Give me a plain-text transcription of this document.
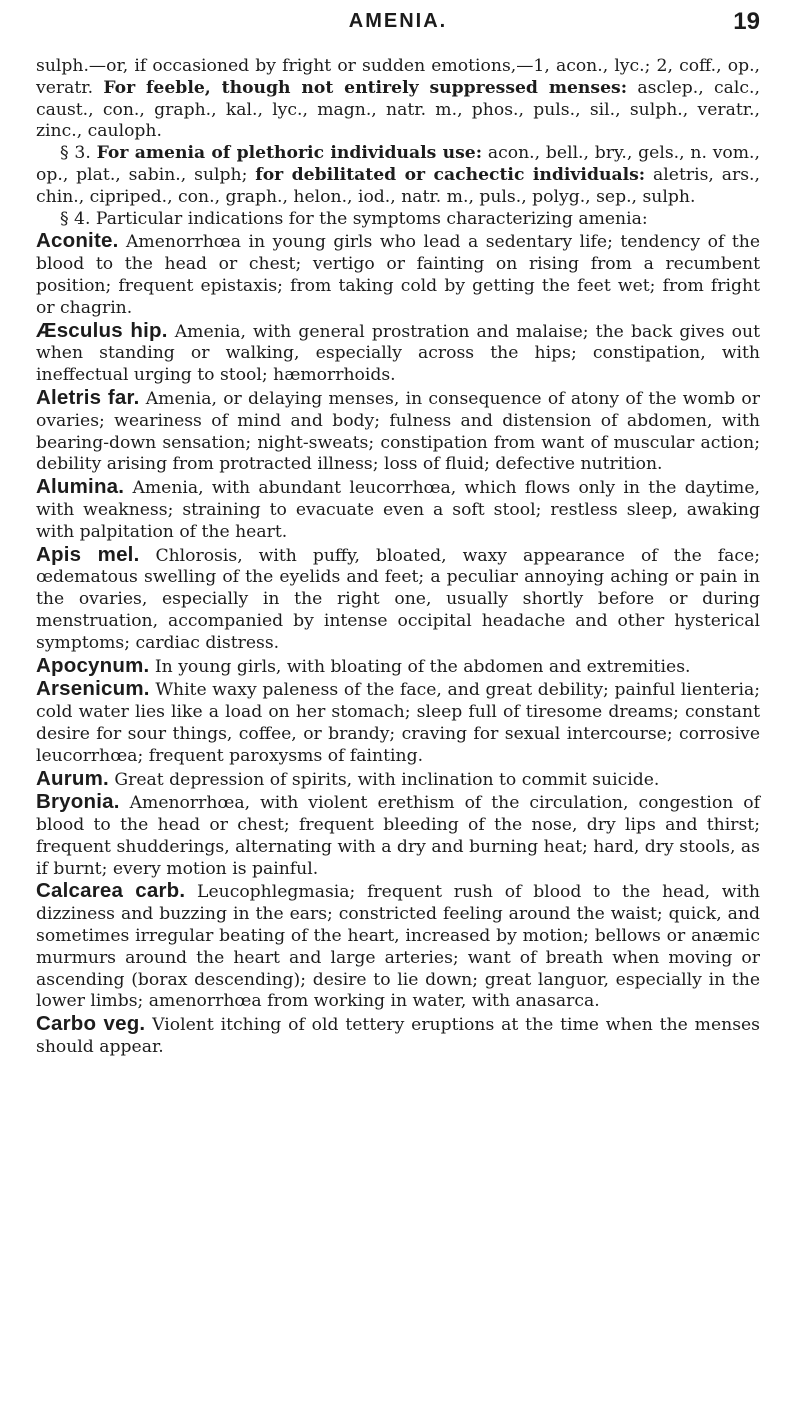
AMENIA.	19

sulph.—or, if occasioned by fright or sudden emotions,—1, acon., lyc.; 2, coff., op., veratr. For feeble, though not entirely suppressed menses: asclep., calc., caust., con., graph., kal., lyc., magn., natr. m., phos., puls., sil., sulph., veratr., zinc., cauloph.

§ 3. For amenia of plethoric individuals use: acon., bell., bry., gels., n. vom., op., plat., sabin., sulph; for debilitated or cachectic individuals: aletris, ars., chin., cipriped., con., graph., helon., iod., natr. m., puls., polyg., sep., sulph.

§ 4. Particular indications for the symptoms characterizing amenia:

Aconite. Amenorrhœa in young girls who lead a sedentary life; tendency of the blood to the head or chest; vertigo or fainting on rising from a recumbent position; frequent epistaxis; from taking cold by getting the feet wet; from fright or chagrin.

Æsculus hip. Amenia, with general prostration and malaise; the back gives out when standing or walking, especially across the hips; constipation, with ineffectual urging to stool; hæmorrhoids.

Aletris far. Amenia, or delaying menses, in consequence of atony of the womb or ovaries; weariness of mind and body; fulness and distension of abdomen, with bearing-down sensation; night-sweats; constipation from want of muscular action; debility arising from protracted illness; loss of fluid; defective nutrition.

Alumina. Amenia, with abundant leucorrhœa, which flows only in the daytime, with weakness; straining to evacuate even a soft stool; restless sleep, awaking with palpitation of the heart.

Apis mel. Chlorosis, with puffy, bloated, waxy appearance of the face; œdematous swelling of the eyelids and feet; a peculiar annoying aching or pain in the ovaries, especially in the right one, usually shortly before or during menstruation, accompanied by intense occipital headache and other hysterical symptoms; cardiac distress.

Apocynum. In young girls, with bloating of the abdomen and extremities.

Arsenicum. White waxy paleness of the face, and great debility; painful lienteria; cold water lies like a load on her stomach; sleep full of tiresome dreams; constant desire for sour things, coffee, or brandy; craving for sexual intercourse; corrosive leucorrhœa; frequent paroxysms of fainting.

Aurum. Great depression of spirits, with inclination to commit suicide.

Bryonia. Amenorrhœa, with violent erethism of the circulation, congestion of blood to the head or chest; frequent bleeding of the nose, dry lips and thirst; frequent shudderings, alternating with a dry and burning heat; hard, dry stools, as if burnt; every motion is painful.

Calcarea carb. Leucophlegmasia; frequent rush of blood to the head, with dizziness and buzzing in the ears; constricted feeling around the waist; quick, and sometimes irregular beating of the heart, increased by motion; bellows or anæmic murmurs around the heart and large arteries; want of breath when moving or ascending (borax descending); desire to lie down; great languor, especially in the lower limbs; amenorrhœa from working in water, with anasarca.

Carbo veg. Violent itching of old tettery eruptions at the time when the menses should appear.
